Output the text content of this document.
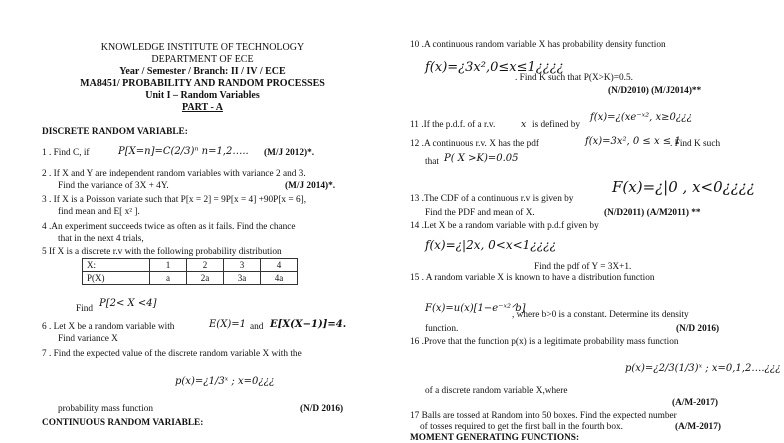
KNOWLEDGE INSTITUTE OF TECHNOLOGY
DEPARTMENT OF ECE
Year / Semester / Branch: II / IV / ECE
MA8451/ PROBABILITY AND RANDOM PROCESSES
Unit I – Random Variables
PART - A
DISCRETE RANDOM VARIABLE:
1 . Find C, if	P[X=n]=C(2/3)ⁿ n=1,2….. (M/J 2012)*.
2 . If X and Y are independent random variables with variance 2 and 3.
Find the variance of 3X + 4Y.	(M/J 2014)*.
3 . If X is a Poisson variate such that P[x = 2] = 9P[x = 4] +90P[x = 6],
find mean and E[ x² ].
4 .An experiment succeeds twice as often as it fails. Find the chance
that in the next 4 trials,
5 If X is a discrete r.v with the following probability distribution
X:	1	2	3	4
P(X)	a	2a	3a	4a
Find P[2< X <4]
6 . Let X be a random variable with	E(X)=1 and E[X(X−1)]=4.
Find variance X
7 . Find the expected value of the discrete random variable X with the
p(x)=¿1/3ˣ ; x=0¿¿¿
probability mass function	(N/D 2016)
CONTINUOUS RANDOM VARIABLE:
10 .A continuous random variable X has probability density function
f(x)=¿3x²,0≤x≤1¿¿¿¿
. Find K such that P(X>K)=0.5.
(N/D2010) (M/J2014)**
11 .If the p.d.f. of a r.v.	x is defined by
f(x)=¿(xe⁻ˣ², x≥0¿¿¿
12 .A continuous r.v. X has the pdf	f(x)=3x², 0 ≤ x ≤ 1
. Find K such
that P( X >K)=0.05
13 .The CDF of a continuous r.v is given by
F(x)=¿|0 , x<0¿¿¿¿
Find the PDF and mean of X.	(N/D2011) (A/M2011) **
14 .Let X be a random variable with p.d.f given by
f(x)=¿|2x, 0<x<1¿¿¿¿
Find the pdf of Y = 3X+1.
15 . A random variable X is known to have a distribution function
F(x)=u(x)[1−e⁻ˣ²ᐟb]
, where b>0 is a constant. Determine its density
function.	(N/D 2016)
16 .Prove that the function p(x) is a legitimate probability mass function
p(x)=¿2/3(1/3)ˣ ; x=0,1,2….¿¿¿
of a discrete random variable X,where
(A/M-2017)
17 Balls are tossed at Random into 50 boxes. Find the expected number
of tosses required to get the first ball in the fourth box.	(A/M-2017)
MOMENT GENERATING FUNCTIONS:
